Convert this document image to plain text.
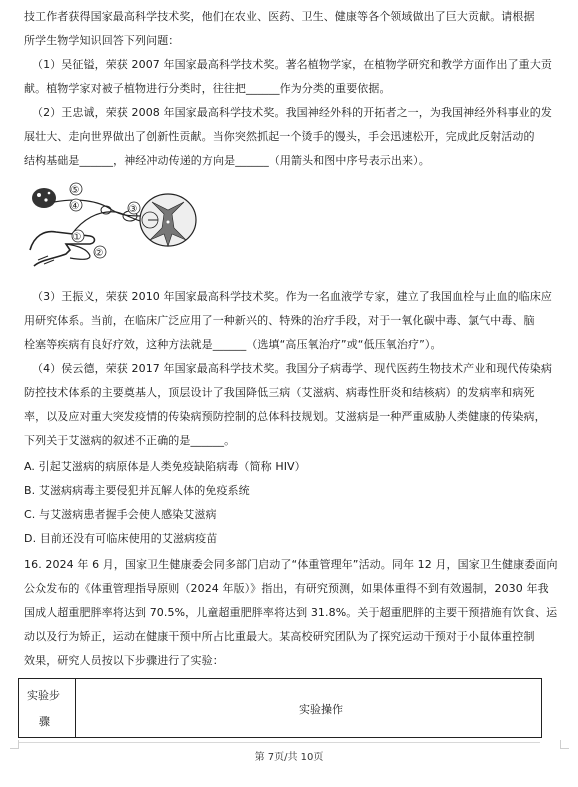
技工作者获得国家最高科学技术奖，他们在农业、医药、卫生、健康等各个领域做出了巨大贡献。请根据
所学生物学知识回答下列问题：
（1）吴征镒，荣获 2007 年国家最高科学技术奖。著名植物学家，在植物学研究和教学方面作出了重大贡
献。植物学家对被子植物进行分类时，往往把______作为分类的重要依据。
（2）王忠诚，荣获 2008 年国家最高科学技术奖。我国神经外科的开拓者之一，为我国神经外科事业的发
展壮大、走向世界做出了创新性贡献。当你突然抓起一个烫手的馒头，手会迅速松开，完成此反射活动的
结构基础是______，神经冲动传递的方向是______（用箭头和图中序号表示出来）。
⑤
④
①
②
③
（3）王振义，荣获 2010 年国家最高科学技术奖。作为一名血液学专家，建立了我国血栓与止血的临床应
用研究体系。当前，在临床广泛应用了一种新兴的、特殊的治疗手段，对于一氧化碳中毒、氯气中毒、脑
栓塞等疾病有良好疗效，这种方法就是______（选填“高压氧治疗”或“低压氧治疗”）。
（4）侯云德，荣获 2017 年国家最高科学技术奖。我国分子病毒学、现代医药生物技术产业和现代传染病
防控技术体系的主要奠基人，顶层设计了我国降低三病（艾滋病、病毒性肝炎和结核病）的发病率和病死
率，以及应对重大突发疫情的传染病预防控制的总体科技规划。艾滋病是一种严重威胁人类健康的传染病，
下列关于艾滋病的叙述不正确的是______。
A. 引起艾滋病的病原体是人类免疫缺陷病毒（简称 HIV）
B. 艾滋病病毒主要侵犯并瓦解人体的免疫系统
C. 与艾滋病患者握手会使人感染艾滋病
D. 目前还没有可临床使用的艾滋病疫苗
16. 2024 年 6 月，国家卫生健康委会同多部门启动了“体重管理年”活动。同年 12 月，国家卫生健康委面向
公众发布的《体重管理指导原则（2024 年版）》指出，有研究预测，如果体重得不到有效遏制，2030 年我
国成人超重肥胖率将达到 70.5%，儿童超重肥胖率将达到 31.8%。关于超重肥胖的主要干预措施有饮食、运
动以及行为矫正，运动在健康干预中所占比重最大。某高校研究团队为了探究运动干预对于小鼠体重控制
效果，研究人员按以下步骤进行了实验：
实验步
骤
实验操作
第 7页/共 10页
